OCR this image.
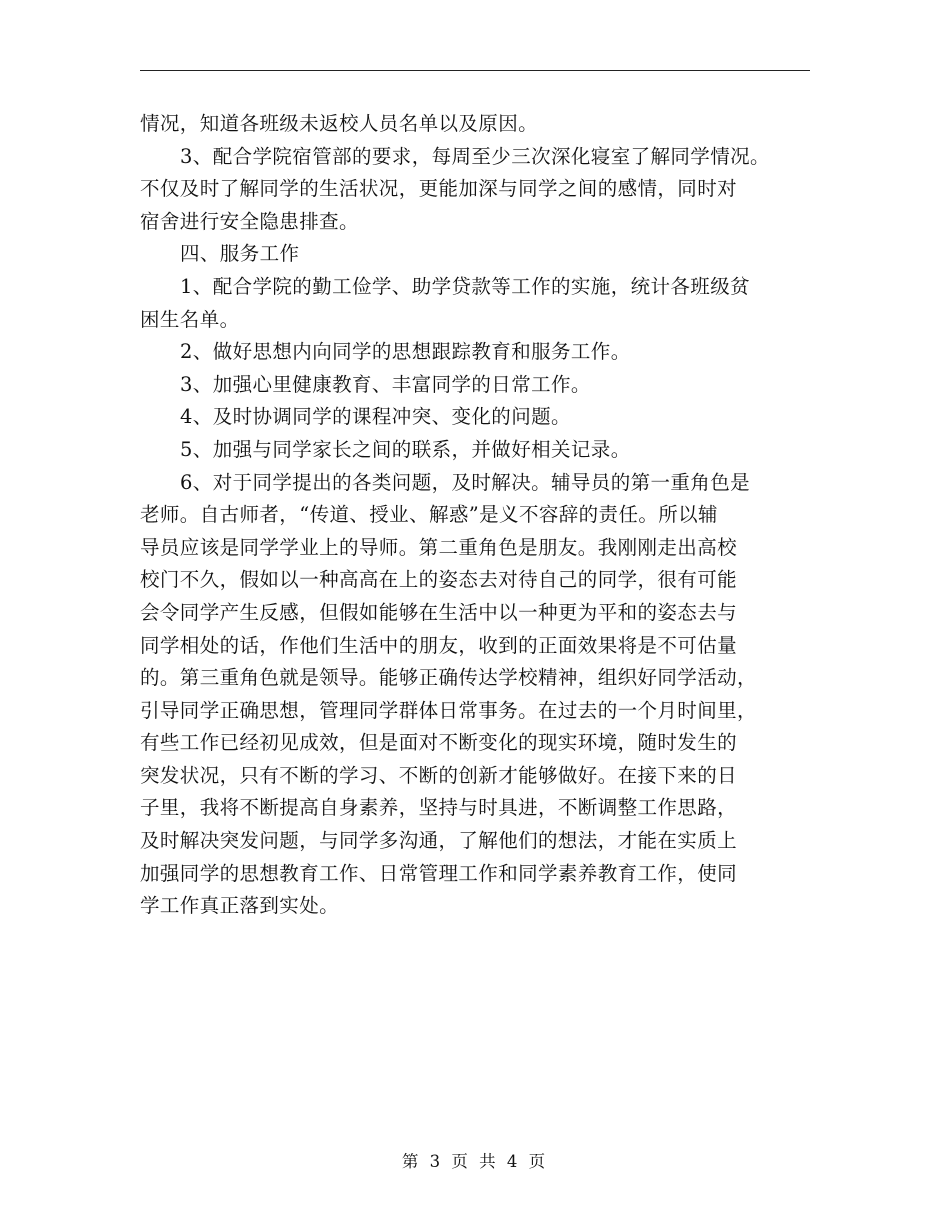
情况，知道各班级未返校人员名单以及原因。
3、配合学院宿管部的要求，每周至少三次深化寝室了解同学情况。
不仅及时了解同学的生活状况，更能加深与同学之间的感情，同时对
宿舍进行安全隐患排查。
四、服务工作
1、配合学院的勤工俭学、助学贷款等工作的实施，统计各班级贫
困生名单。
2、做好思想内向同学的思想跟踪教育和服务工作。
3、加强心里健康教育、丰富同学的日常工作。
4、及时协调同学的课程冲突、变化的问题。
5、加强与同学家长之间的联系，并做好相关记录。
6、对于同学提出的各类问题，及时解决。辅导员的第一重角色是
老师。自古师者，“传道、授业、解惑”是义不容辞的责任。所以辅
导员应该是同学学业上的导师。第二重角色是朋友。我刚刚走出高校
校门不久，假如以一种高高在上的姿态去对待自己的同学，很有可能
会令同学产生反感，但假如能够在生活中以一种更为平和的姿态去与
同学相处的话，作他们生活中的朋友，收到的正面效果将是不可估量
的。第三重角色就是领导。能够正确传达学校精神，组织好同学活动，
引导同学正确思想，管理同学群体日常事务。在过去的一个月时间里，
有些工作已经初见成效，但是面对不断变化的现实环境，随时发生的
突发状况，只有不断的学习、不断的创新才能够做好。在接下来的日
子里，我将不断提高自身素养，坚持与时具进，不断调整工作思路，
及时解决突发问题，与同学多沟通，了解他们的想法，才能在实质上
加强同学的思想教育工作、日常管理工作和同学素养教育工作，使同
学工作真正落到实处。
第 3 页 共 4 页
